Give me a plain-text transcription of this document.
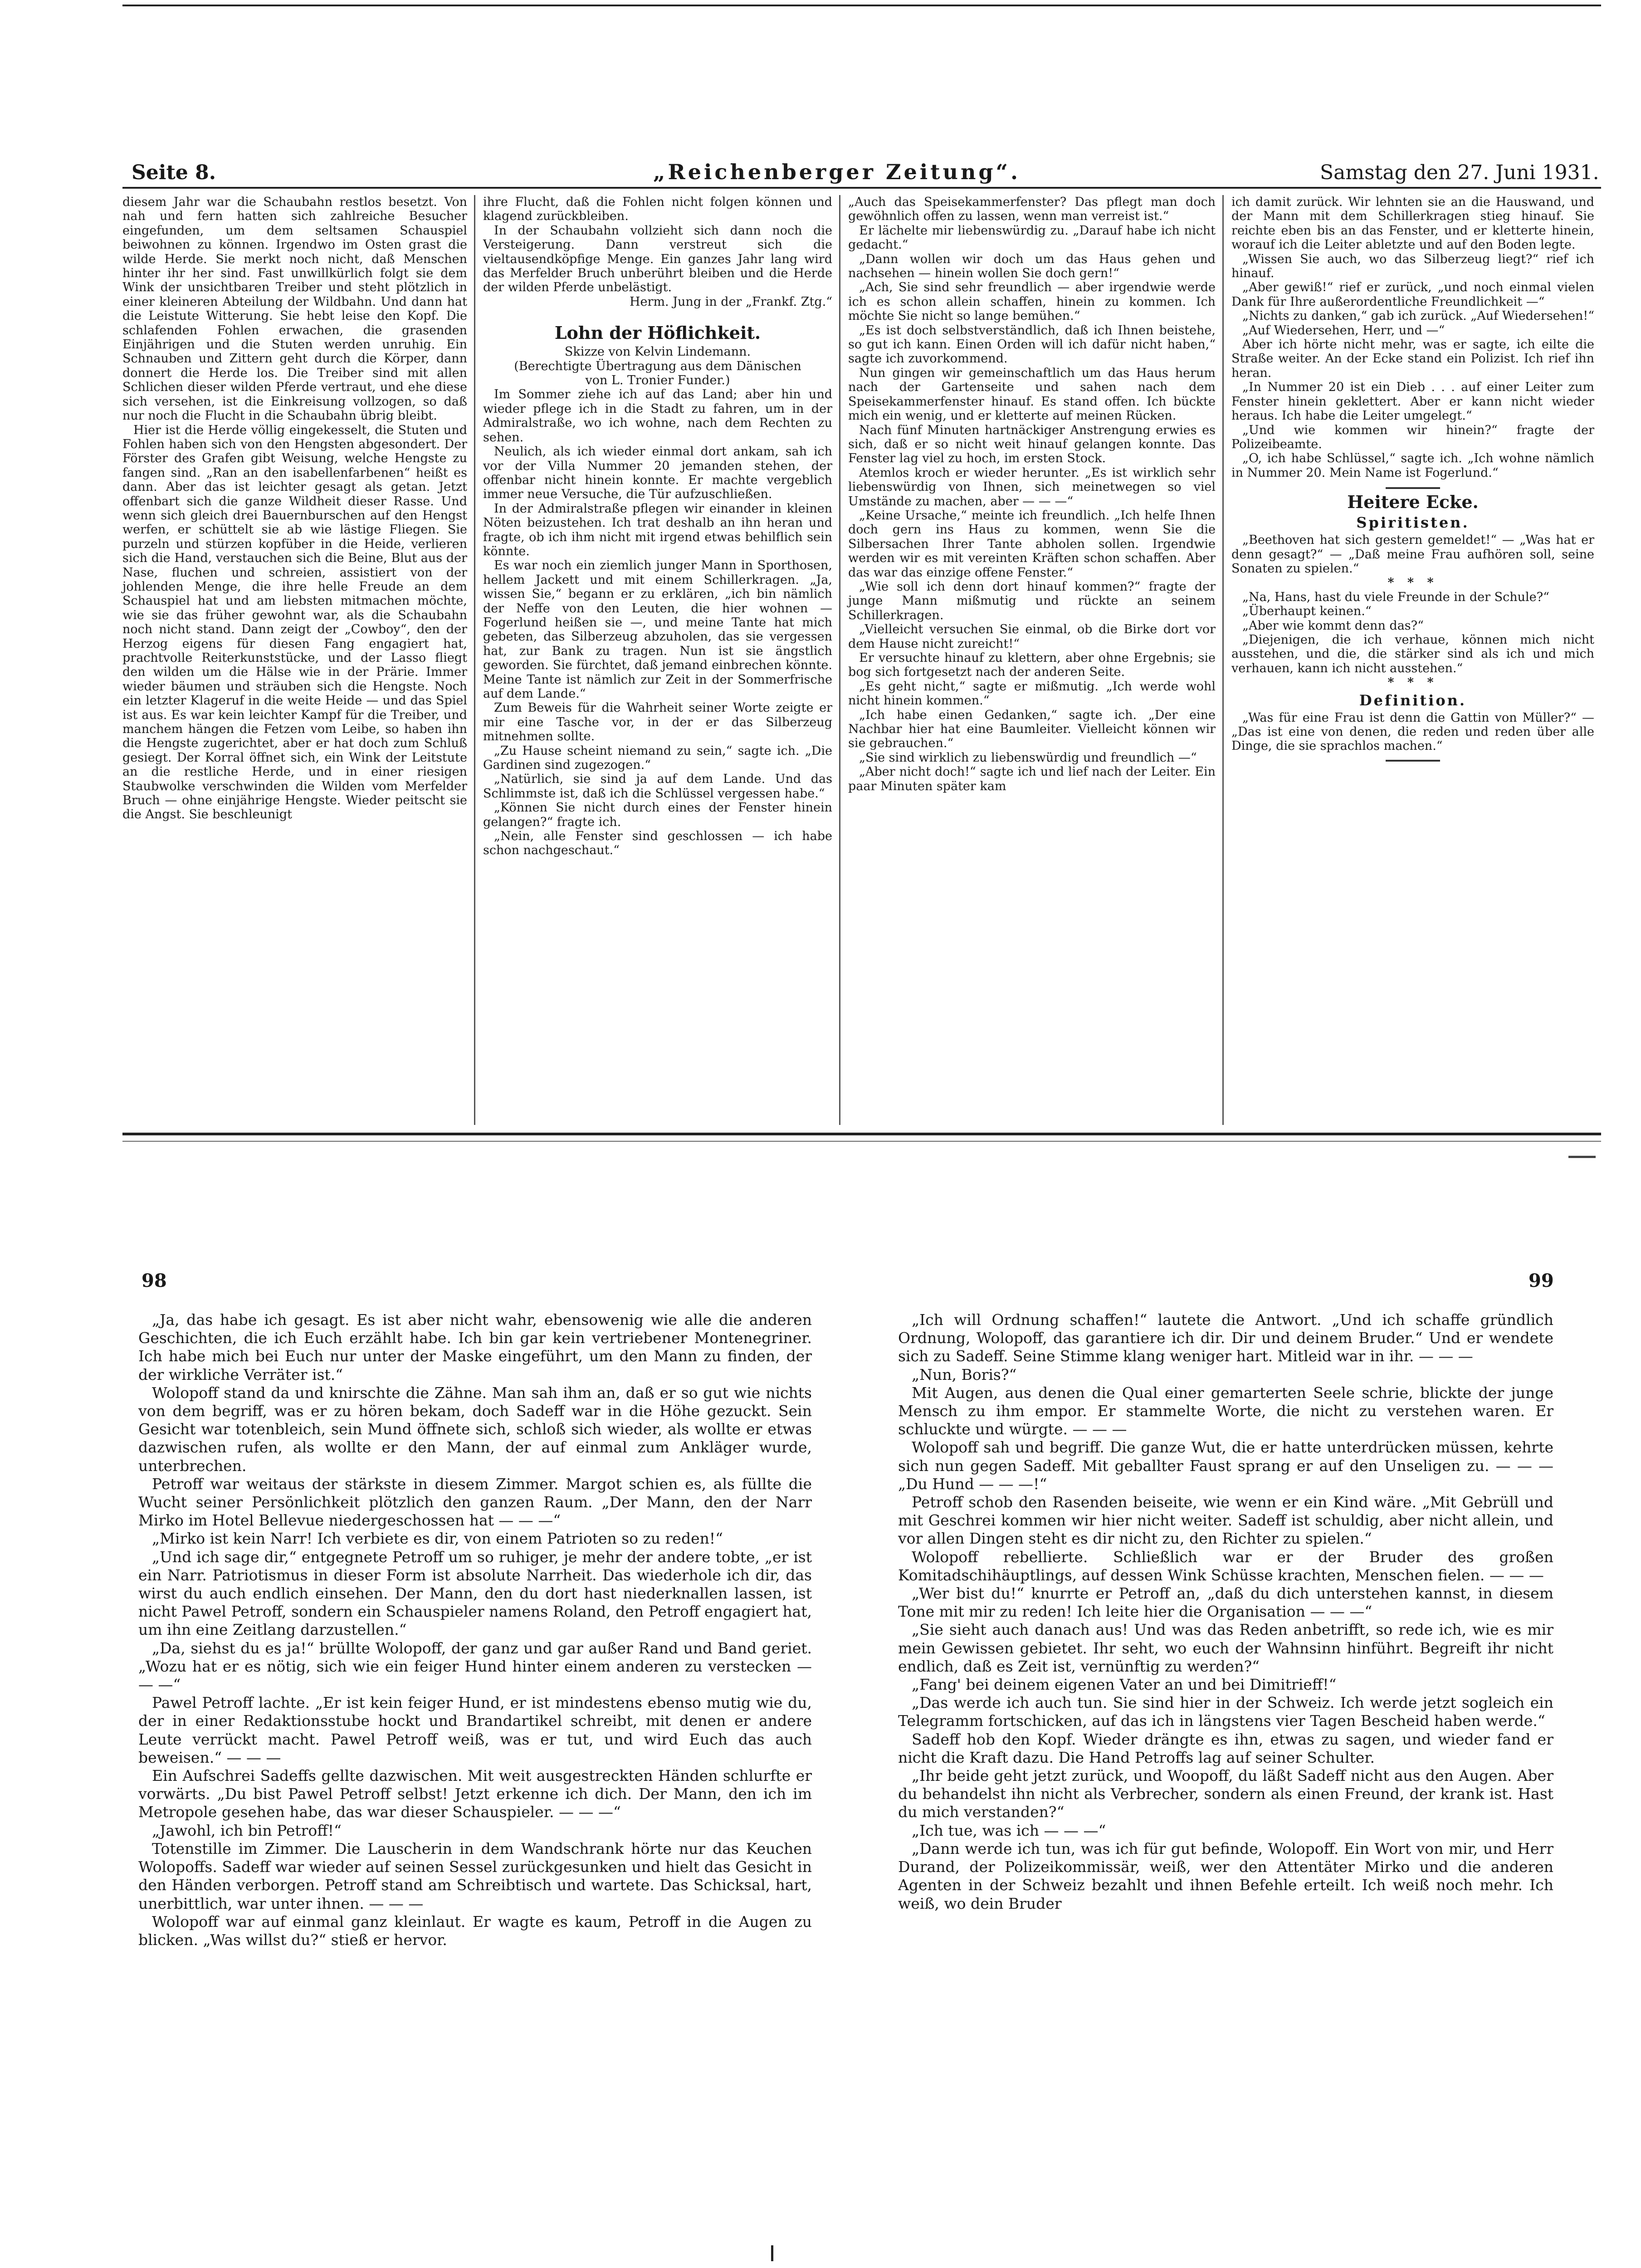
Seite 8.	„Reichenberger Zeitung“.	Samstag den 27. Juni 1931.

diesem Jahr war die Schaubahn restlos besetzt. Von nah und fern hatten sich zahlreiche Besucher eingefunden, um dem seltsamen Schauspiel beiwohnen zu können. Irgendwo im Osten grast die wilde Herde. Sie merkt noch nicht, daß Menschen hinter ihr her sind. Fast unwillkürlich folgt sie dem Wink der unsichtbaren Treiber und steht plötzlich in einer kleineren Abteilung der Wildbahn. Und dann hat die Leistute Witterung. Sie hebt leise den Kopf. Die schlafenden Fohlen erwachen, die grasenden Einjährigen und die Stuten werden unruhig. Ein Schnauben und Zittern geht durch die Körper, dann donnert die Herde los. Die Treiber sind mit allen Schlichen dieser wilden Pferde vertraut, und ehe diese sich versehen, ist die Einkreisung vollzogen, so daß nur noch die Flucht in die Schaubahn übrig bleibt.

Hier ist die Herde völlig eingekesselt, die Stuten und Fohlen haben sich von den Hengsten abgesondert. Der Förster des Grafen gibt Weisung, welche Hengste zu fangen sind. „Ran an den isabellenfarbenen“ heißt es dann. Aber das ist leichter gesagt als getan. Jetzt offenbart sich die ganze Wildheit dieser Rasse. Und wenn sich gleich drei Bauernburschen auf den Hengst werfen, er schüttelt sie ab wie lästige Fliegen. Sie purzeln und stürzen kopfüber in die Heide, verlieren sich die Hand, verstauchen sich die Beine, Blut aus der Nase, fluchen und schreien, assistiert von der johlenden Menge, die ihre helle Freude an dem Schauspiel hat und am liebsten mitmachen möchte, wie sie das früher gewohnt war, als die Schaubahn noch nicht stand. Dann zeigt der „Cowboy“, den der Herzog eigens für diesen Fang engagiert hat, prachtvolle Reiterkunststücke, und der Lasso fliegt den wilden um die Hälse wie in der Prärie. Immer wieder bäumen und sträuben sich die Hengste. Noch ein letzter Klageruf in die weite Heide — und das Spiel ist aus. Es war kein leichter Kampf für die Treiber, und manchem hängen die Fetzen vom Leibe, so haben ihn die Hengste zugerichtet, aber er hat doch zum Schluß gesiegt. Der Korral öffnet sich, ein Wink der Leitstute an die restliche Herde, und in einer riesigen Staubwolke verschwinden die Wilden vom Merfelder Bruch — ohne einjährige Hengste. Wieder peitscht sie die Angst. Sie beschleunigt

ihre Flucht, daß die Fohlen nicht folgen können und klagend zurückbleiben.

In der Schaubahn vollzieht sich dann noch die Versteigerung. Dann verstreut sich die vieltausendköpfige Menge. Ein ganzes Jahr lang wird das Merfelder Bruch unberührt bleiben und die Herde der wilden Pferde unbelästigt.

Herm. Jung in der „Frankf. Ztg.“

Lohn der Höflichkeit.

Skizze von Kelvin Lindemann.

(Berechtigte Übertragung aus dem Dänischen

von L. Tronier Funder.)

Im Sommer ziehe ich auf das Land; aber hin und wieder pflege ich in die Stadt zu fahren, um in der Admiralstraße, wo ich wohne, nach dem Rechten zu sehen.

Neulich, als ich wieder einmal dort ankam, sah ich vor der Villa Nummer 20 jemanden stehen, der offenbar nicht hinein konnte. Er machte vergeblich immer neue Versuche, die Tür aufzuschließen.

In der Admiralstraße pflegen wir einander in kleinen Nöten beizustehen. Ich trat deshalb an ihn heran und fragte, ob ich ihm nicht mit irgend etwas behilflich sein könnte.

Es war noch ein ziemlich junger Mann in Sporthosen, hellem Jackett und mit einem Schillerkragen. „Ja, wissen Sie,“ begann er zu erklären, „ich bin nämlich der Neffe von den Leuten, die hier wohnen — Fogerlund heißen sie —, und meine Tante hat mich gebeten, das Silberzeug abzuholen, das sie vergessen hat, zur Bank zu tragen. Nun ist sie ängstlich geworden. Sie fürchtet, daß jemand einbrechen könnte. Meine Tante ist nämlich zur Zeit in der Sommerfrische auf dem Lande.“

Zum Beweis für die Wahrheit seiner Worte zeigte er mir eine Tasche vor, in der er das Silberzeug mitnehmen sollte.

„Zu Hause scheint niemand zu sein,“ sagte ich. „Die Gardinen sind zugezogen.“

„Natürlich, sie sind ja auf dem Lande. Und das Schlimmste ist, daß ich die Schlüssel vergessen habe.“

„Können Sie nicht durch eines der Fenster hinein gelangen?“ fragte ich.

„Nein, alle Fenster sind geschlossen — ich habe schon nachgeschaut.“

„Auch das Speisekammerfenster? Das pflegt man doch gewöhnlich offen zu lassen, wenn man verreist ist.“

Er lächelte mir liebenswürdig zu. „Darauf habe ich nicht gedacht.“

„Dann wollen wir doch um das Haus gehen und nachsehen — hinein wollen Sie doch gern!“

„Ach, Sie sind sehr freundlich — aber irgendwie werde ich es schon allein schaffen, hinein zu kommen. Ich möchte Sie nicht so lange bemühen.“

„Es ist doch selbstverständlich, daß ich Ihnen beistehe, so gut ich kann. Einen Orden will ich dafür nicht haben,“ sagte ich zuvorkommend.

Nun gingen wir gemeinschaftlich um das Haus herum nach der Gartenseite und sahen nach dem Speisekammerfenster hinauf. Es stand offen. Ich bückte mich ein wenig, und er kletterte auf meinen Rücken.

Nach fünf Minuten hartnäckiger Anstrengung erwies es sich, daß er so nicht weit hinauf gelangen konnte. Das Fenster lag viel zu hoch, im ersten Stock.

Atemlos kroch er wieder herunter. „Es ist wirklich sehr liebenswürdig von Ihnen, sich meinetwegen so viel Umstände zu machen, aber — — —“

„Keine Ursache,“ meinte ich freundlich. „Ich helfe Ihnen doch gern ins Haus zu kommen, wenn Sie die Silbersachen Ihrer Tante abholen sollen. Irgendwie werden wir es mit vereinten Kräften schon schaffen. Aber das war das einzige offene Fenster.“

„Wie soll ich denn dort hinauf kommen?“ fragte der junge Mann mißmutig und rückte an seinem Schillerkragen.

„Vielleicht versuchen Sie einmal, ob die Birke dort vor dem Hause nicht zureicht!“

Er versuchte hinauf zu klettern, aber ohne Ergebnis; sie bog sich fortgesetzt nach der anderen Seite.

„Es geht nicht,“ sagte er mißmutig. „Ich werde wohl nicht hinein kommen.“

„Ich habe einen Gedanken,“ sagte ich. „Der eine Nachbar hier hat eine Baumleiter. Vielleicht können wir sie gebrauchen.“

„Sie sind wirklich zu liebenswürdig und freundlich —“

„Aber nicht doch!“ sagte ich und lief nach der Leiter. Ein paar Minuten später kam

ich damit zurück. Wir lehnten sie an die Hauswand, und der Mann mit dem Schillerkragen stieg hinauf. Sie reichte eben bis an das Fenster, und er kletterte hinein, worauf ich die Leiter abletzte und auf den Boden legte.

„Wissen Sie auch, wo das Silberzeug liegt?“ rief ich hinauf.

„Aber gewiß!“ rief er zurück, „und noch einmal vielen Dank für Ihre außerordentliche Freundlichkeit —“

„Nichts zu danken,“ gab ich zurück. „Auf Wiedersehen!“

„Auf Wiedersehen, Herr, und —“

Aber ich hörte nicht mehr, was er sagte, ich eilte die Straße weiter. An der Ecke stand ein Polizist. Ich rief ihn heran.

„In Nummer 20 ist ein Dieb . . . auf einer Leiter zum Fenster hinein geklettert. Aber er kann nicht wieder heraus. Ich habe die Leiter umgelegt.“

„Und wie kommen wir hinein?“ fragte der Polizeibeamte.

„O, ich habe Schlüssel,“ sagte ich. „Ich wohne nämlich in Nummer 20. Mein Name ist Fogerlund.“

Heitere Ecke.
Spiritisten.

„Beethoven hat sich gestern gemeldet!“ — „Was hat er denn gesagt?“ — „Daß meine Frau aufhören soll, seine Sonaten zu spielen.“

* * *

„Na, Hans, hast du viele Freunde in der Schule?“

„Überhaupt keinen.“

„Aber wie kommt denn das?“

„Diejenigen, die ich verhaue, können mich nicht ausstehen, und die, die stärker sind als ich und mich verhauen, kann ich nicht ausstehen.“

* * *

Definition.

„Was für eine Frau ist denn die Gattin von Müller?“ — „Das ist eine von denen, die reden und reden über alle Dinge, die sie sprachlos machen.“

98	99

„Ja, das habe ich gesagt. Es ist aber nicht wahr, ebensowenig wie alle die anderen Geschichten, die ich Euch erzählt habe. Ich bin gar kein vertriebener Montenegriner. Ich habe mich bei Euch nur unter der Maske eingeführt, um den Mann zu finden, der der wirkliche Verräter ist.“

Wolopoff stand da und knirschte die Zähne. Man sah ihm an, daß er so gut wie nichts von dem begriff, was er zu hören bekam, doch Sadeff war in die Höhe gezuckt. Sein Gesicht war totenbleich, sein Mund öffnete sich, schloß sich wieder, als wollte er etwas dazwischen rufen, als wollte er den Mann, der auf einmal zum Ankläger wurde, unterbrechen.

Petroff war weitaus der stärkste in diesem Zimmer. Margot schien es, als füllte die Wucht seiner Persönlichkeit plötzlich den ganzen Raum. „Der Mann, den der Narr Mirko im Hotel Bellevue niedergeschossen hat — — —“

„Mirko ist kein Narr! Ich verbiete es dir, von einem Patrioten so zu reden!“

„Und ich sage dir,“ entgegnete Petroff um so ruhiger, je mehr der andere tobte, „er ist ein Narr. Patriotismus in dieser Form ist absolute Narrheit. Das wiederhole ich dir, das wirst du auch endlich einsehen. Der Mann, den du dort hast niederknallen lassen, ist nicht Pawel Petroff, sondern ein Schauspieler namens Roland, den Petroff engagiert hat, um ihn eine Zeitlang darzustellen.“

„Da, siehst du es ja!“ brüllte Wolopoff, der ganz und gar außer Rand und Band geriet. „Wozu hat er es nötig, sich wie ein feiger Hund hinter einem anderen zu verstecken — — —“

Pawel Petroff lachte. „Er ist kein feiger Hund, er ist mindestens ebenso mutig wie du, der in einer Redaktionsstube hockt und Brandartikel schreibt, mit denen er andere Leute verrückt macht. Pawel Petroff weiß, was er tut, und wird Euch das auch beweisen.“ — — —

Ein Aufschrei Sadeffs gellte dazwischen. Mit weit ausgestreckten Händen schlurfte er vorwärts. „Du bist Pawel Petroff selbst! Jetzt erkenne ich dich. Der Mann, den ich im Metropole gesehen habe, das war dieser Schauspieler. — — —“

„Jawohl, ich bin Petroff!“

Totenstille im Zimmer. Die Lauscherin in dem Wandschrank hörte nur das Keuchen Wolopoffs. Sadeff war wieder auf seinen Sessel zurückgesunken und hielt das Gesicht in den Händen verborgen. Petroff stand am Schreibtisch und wartete. Das Schicksal, hart, unerbittlich, war unter ihnen. — — —

Wolopoff war auf einmal ganz kleinlaut. Er wagte es kaum, Petroff in die Augen zu blicken. „Was willst du?“ stieß er hervor.

„Ich will Ordnung schaffen!“ lautete die Antwort. „Und ich schaffe gründlich Ordnung, Wolopoff, das garantiere ich dir. Dir und deinem Bruder.“ Und er wendete sich zu Sadeff. Seine Stimme klang weniger hart. Mitleid war in ihr. — — —

„Nun, Boris?“

Mit Augen, aus denen die Qual einer gemarterten Seele schrie, blickte der junge Mensch zu ihm empor. Er stammelte Worte, die nicht zu verstehen waren. Er schluckte und würgte. — — —

Wolopoff sah und begriff. Die ganze Wut, die er hatte unterdrücken müssen, kehrte sich nun gegen Sadeff. Mit geballter Faust sprang er auf den Unseligen zu. — — — „Du Hund — — —!“

Petroff schob den Rasenden beiseite, wie wenn er ein Kind wäre. „Mit Gebrüll und mit Geschrei kommen wir hier nicht weiter. Sadeff ist schuldig, aber nicht allein, und vor allen Dingen steht es dir nicht zu, den Richter zu spielen.“

Wolopoff rebellierte. Schließlich war er der Bruder des großen Komitadschihäuptlings, auf dessen Wink Schüsse krachten, Menschen fielen. — — —

„Wer bist du!“ knurrte er Petroff an, „daß du dich unterstehen kannst, in diesem Tone mit mir zu reden! Ich leite hier die Organisation — — —“

„Sie sieht auch danach aus! Und was das Reden anbetrifft, so rede ich, wie es mir mein Gewissen gebietet. Ihr seht, wo euch der Wahnsinn hinführt. Begreift ihr nicht endlich, daß es Zeit ist, vernünftig zu werden?“

„Fang' bei deinem eigenen Vater an und bei Dimitrieff!“

„Das werde ich auch tun. Sie sind hier in der Schweiz. Ich werde jetzt sogleich ein Telegramm fortschicken, auf das ich in längstens vier Tagen Bescheid haben werde.“

Sadeff hob den Kopf. Wieder drängte es ihn, etwas zu sagen, und wieder fand er nicht die Kraft dazu. Die Hand Petroffs lag auf seiner Schulter.

„Ihr beide geht jetzt zurück, und Woopoff, du läßt Sadeff nicht aus den Augen. Aber du behandelst ihn nicht als Verbrecher, sondern als einen Freund, der krank ist. Hast du mich verstanden?“

„Ich tue, was ich — — —“

„Dann werde ich tun, was ich für gut befinde, Wolopoff. Ein Wort von mir, und Herr Durand, der Polizeikommissär, weiß, wer den Attentäter Mirko und die anderen Agenten in der Schweiz bezahlt und ihnen Befehle erteilt. Ich weiß noch mehr. Ich weiß, wo dein Bruder
